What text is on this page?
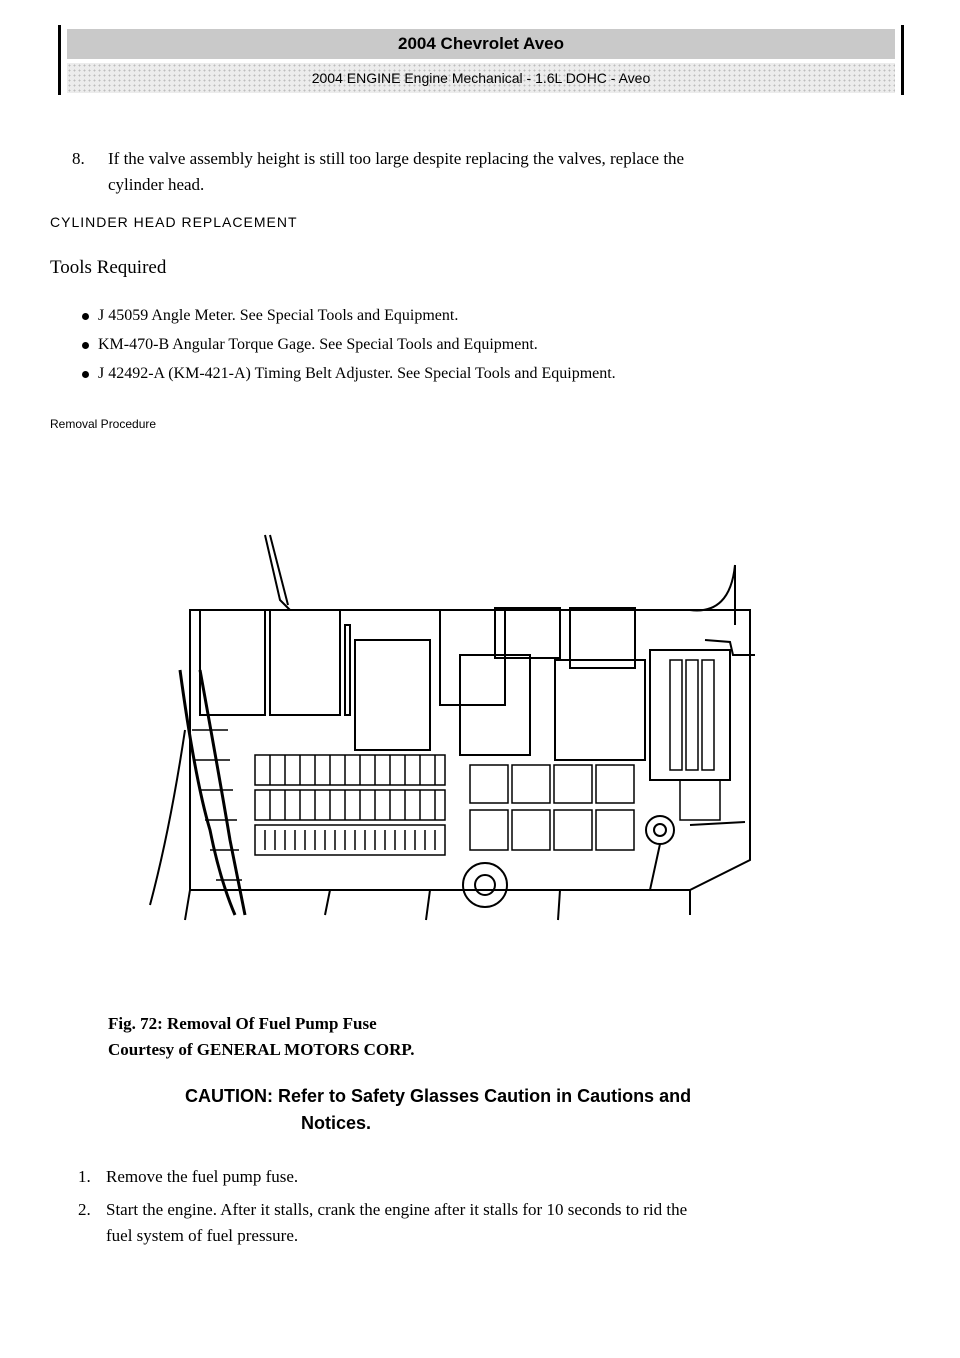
2004 Chevrolet Aveo
2004 ENGINE Engine Mechanical - 1.6L DOHC - Aveo
8. If the valve assembly height is still too large despite replacing the valves, replace the
cylinder head.
CYLINDER HEAD REPLACEMENT
Tools Required
J 45059 Angle Meter. See Special Tools and Equipment.
KM-470-B Angular Torque Gage. See Special Tools and Equipment.
J 42492-A (KM-421-A) Timing Belt Adjuster. See Special Tools and Equipment.
Removal Procedure
Fig. 72: Removal Of Fuel Pump Fuse
Courtesy of GENERAL MOTORS CORP.
CAUTION: Refer to Safety Glasses Caution in Cautions and
Notices.
1. Remove the fuel pump fuse.
2. Start the engine. After it stalls, crank the engine after it stalls for 10 seconds to rid the
fuel system of fuel pressure.
